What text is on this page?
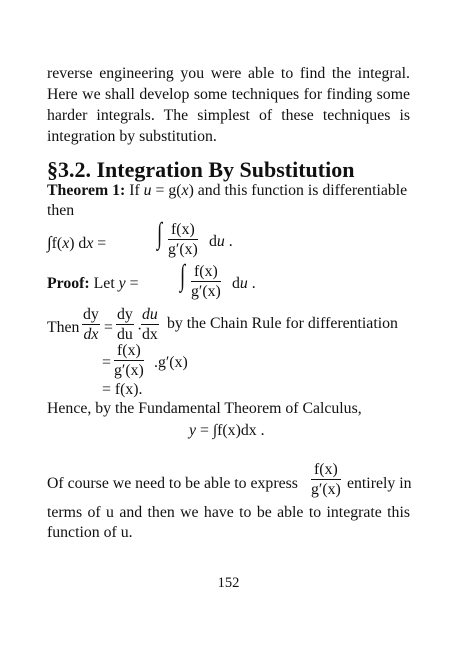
reverse engineering you were able to find the integral.
Here we shall develop some techniques for finding some
harder integrals. The simplest of these techniques is
integration by substitution.
§3.2. Integration By Substitution
Theorem 1: If u = g(x) and this function is differentiable
then
∫f(x) dx = ∫ f(x)
g′(x) du .
Proof: Let y = ∫ f(x)
g′(x) du .
Then
dy
dx =
dy
du ·
du
dx
by the Chain Rule for differentiation
=
f(x)
g′(x) .g′(x)
= f(x).
Hence, by the Fundamental Theorem of Calculus,
y = ∫f(x)dx .
Of course we need to be able to express
f(x)
g′(x) entirely in
terms of u and then we have to be able to integrate this
function of u.
152
